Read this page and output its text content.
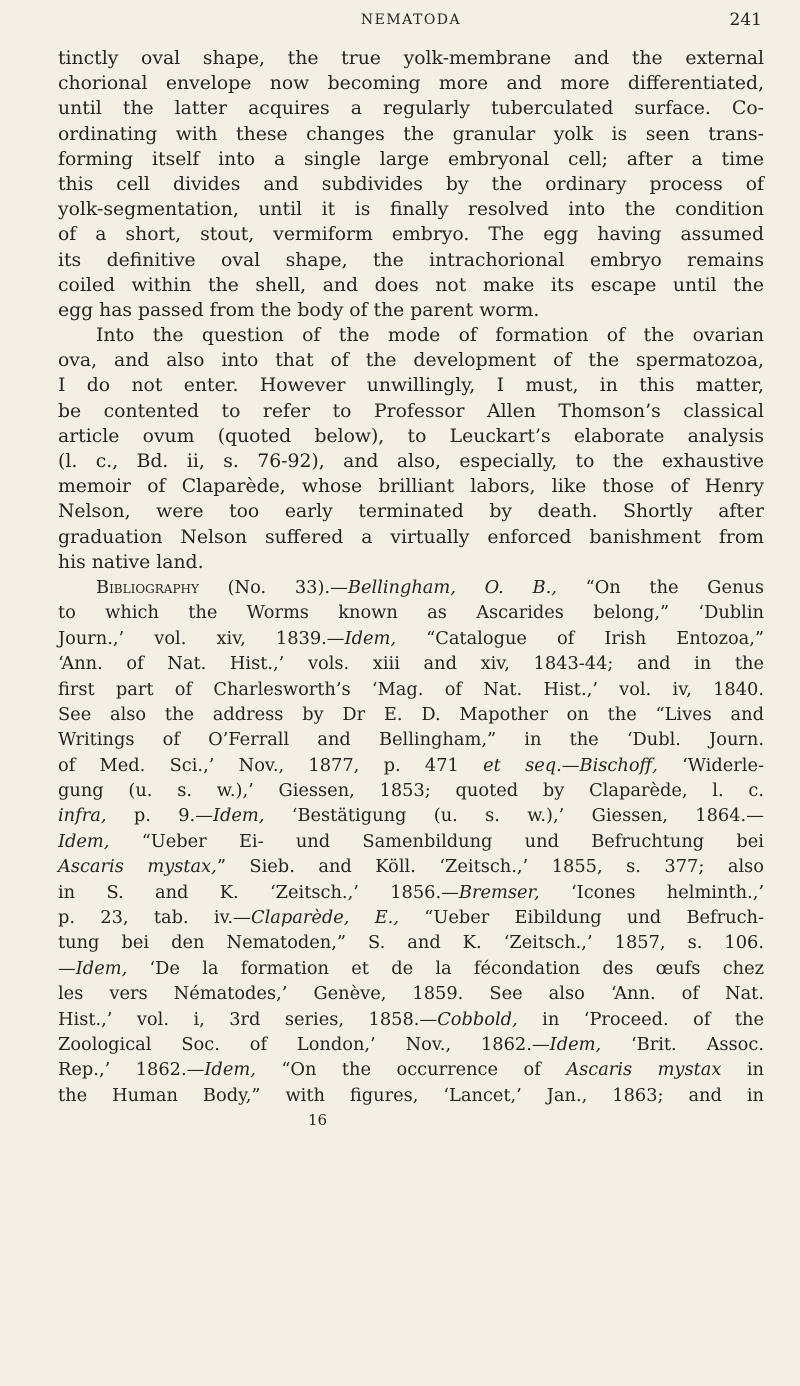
NEMATODA	241
tinctly oval shape, the true yolk-membrane and the external
chorional envelope now becoming more and more differentiated,
until the latter acquires a regularly tuberculated surface. Co-
ordinating with these changes the granular yolk is seen trans-
forming itself into a single large embryonal cell; after a time
this cell divides and subdivides by the ordinary process of
yolk-segmentation, until it is finally resolved into the condition
of a short, stout, vermiform embryo. The egg having assumed
its definitive oval shape, the intrachorional embryo remains
coiled within the shell, and does not make its escape until the
egg has passed from the body of the parent worm.
Into the question of the mode of formation of the ovarian
ova, and also into that of the development of the spermatozoa,
I do not enter. However unwillingly, I must, in this matter,
be contented to refer to Professor Allen Thomson’s classical
article ovum (quoted below), to Leuckart’s elaborate analysis
(l. c., Bd. ii, s. 76-92), and also, especially, to the exhaustive
memoir of Claparède, whose brilliant labors, like those of Henry
Nelson, were too early terminated by death. Shortly after
graduation Nelson suffered a virtually enforced banishment from
his native land.
Bibliography (No. 33).—Bellingham, O. B., “On the Genus
to which the Worms known as Ascarides belong,” ‘Dublin
Journ.,’ vol. xiv, 1839.—Idem, “Catalogue of Irish Entozoa,”
‘Ann. of Nat. Hist.,’ vols. xiii and xiv, 1843-44; and in the
first part of Charlesworth’s ‘Mag. of Nat. Hist.,’ vol. iv, 1840.
See also the address by Dr E. D. Mapother on the “Lives and
Writings of O’Ferrall and Bellingham,” in the ‘Dubl. Journ.
of Med. Sci.,’ Nov., 1877, p. 471 et seq.—Bischoff, ‘Widerle-
gung (u. s. w.),’ Giessen, 1853; quoted by Claparède, l. c.
infra, p. 9.—Idem, ‘Bestätigung (u. s. w.),’ Giessen, 1864.—
Idem, “Ueber Ei- und Samenbildung und Befruchtung bei
Ascaris mystax,” Sieb. and Köll. ‘Zeitsch.,’ 1855, s. 377; also
in S. and K. ‘Zeitsch.,’ 1856.—Bremser, ‘Icones helminth.,’
p. 23, tab. iv.—Claparède, E., “Ueber Eibildung und Befruch-
tung bei den Nematoden,” S. and K. ‘Zeitsch.,’ 1857, s. 106.
—Idem, ‘De la formation et de la fécondation des œufs chez
les vers Nématodes,’ Genève, 1859. See also ‘Ann. of Nat.
Hist.,’ vol. i, 3rd series, 1858.—Cobbold, in ‘Proceed. of the
Zoological Soc. of London,’ Nov., 1862.—Idem, ‘Brit. Assoc.
Rep.,’ 1862.—Idem, “On the occurrence of Ascaris mystax in
the Human Body,” with figures, ‘Lancet,’ Jan., 1863; and in
16
